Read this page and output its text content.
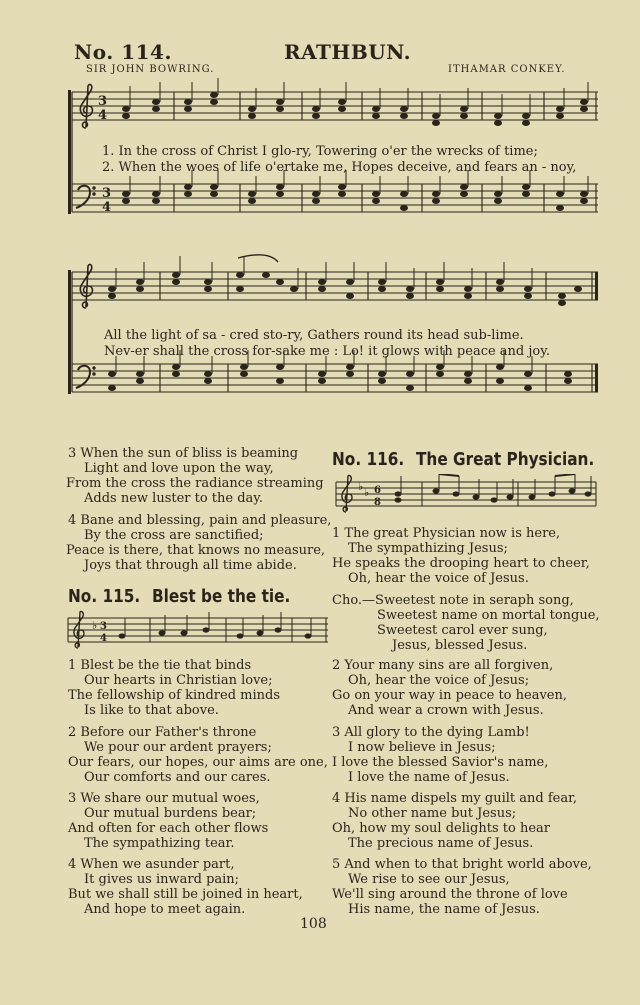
No. 114.	RATHBUN.
SIR JOHN BOWRING.	ITHAMAR CONKEY.
3
4
3
4
1. In the cross of Christ I glo-ry, Towering o'er the wrecks of time;
2. When the woes of life o'ertake me, Hopes deceive, and fears an - noy,
All the light of sa - cred sto-ry, Gathers round its head sub-lime.
Nev-er shall the cross for-sake me : Lo! it glows with peace and joy.
3 When the sun of bliss is beaming
Light and love upon the way,
From the cross the radiance streaming
Adds new luster to the day.
4 Bane and blessing, pain and pleasure,
By the cross are sanctified;
Peace is there, that knows no measure,
Joys that through all time abide.
No. 115. Blest be the tie.
♭ 3
4
1 Blest be the tie that binds
Our hearts in Christian love;
The fellowship of kindred minds
Is like to that above.
2 Before our Father's throne
We pour our ardent prayers;
Our fears, our hopes, our aims are one,
Our comforts and our cares.
3 We share our mutual woes,
Our mutual burdens bear;
And often for each other flows
The sympathizing tear.
4 When we asunder part,
It gives us inward pain;
But we shall still be joined in heart,
And hope to meet again.
No. 116. The Great Physician.
♭ ♭ 6
8
1 The great Physician now is here,
The sympathizing Jesus;
He speaks the drooping heart to cheer,
Oh, hear the voice of Jesus.
Cho.—Sweetest note in seraph song,
Sweetest name on mortal tongue,
Sweetest carol ever sung,
Jesus, blessed Jesus.
2 Your many sins are all forgiven,
Oh, hear the voice of Jesus;
Go on your way in peace to heaven,
And wear a crown with Jesus.
3 All glory to the dying Lamb!
I now believe in Jesus;
I love the blessed Savior's name,
I love the name of Jesus.
4 His name dispels my guilt and fear,
No other name but Jesus;
Oh, how my soul delights to hear
The precious name of Jesus.
5 And when to that bright world above,
We rise to see our Jesus,
We'll sing around the throne of love
His name, the name of Jesus.
108
